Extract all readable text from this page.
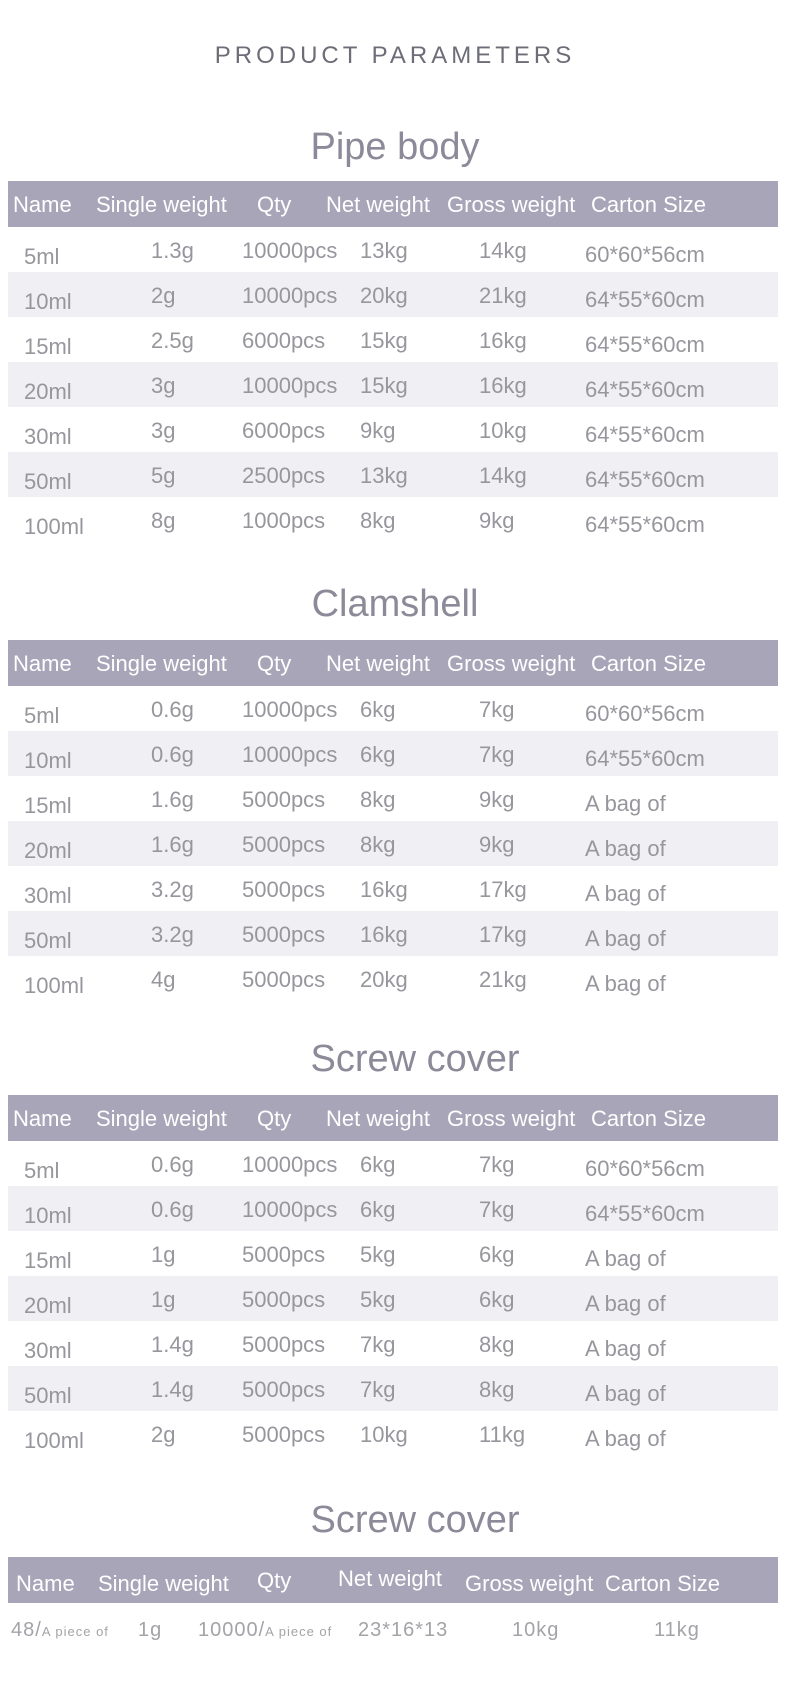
PRODUCT PARAMETERS
Pipe body
Name Single weight Qty Net weight Gross weight Carton Size
5ml	1.3g 10000pcs 13kg	14kg	60*60*56cm
10ml	2g	10000pcs 20kg	21kg	64*55*60cm
15ml	2.5g 6000pcs 15kg	16kg	64*55*60cm
20ml	3g	10000pcs 15kg	16kg	64*55*60cm
30ml	3g	6000pcs 9kg	10kg	64*55*60cm
50ml	5g	2500pcs 13kg	14kg	64*55*60cm
100ml	8g	1000pcs 8kg	9kg	64*55*60cm
Clamshell
Name Single weight Qty Net weight Gross weight Carton Size
5ml	0.6g 10000pcs 6kg	7kg	60*60*56cm
10ml	0.6g 10000pcs 6kg	7kg	64*55*60cm
15ml	1.6g 5000pcs 8kg	9kg	A bag of
20ml	1.6g 5000pcs 8kg	9kg	A bag of
30ml	3.2g 5000pcs 16kg	17kg	A bag of
50ml	3.2g 5000pcs 16kg	17kg	A bag of
100ml	4g	5000pcs 20kg	21kg	A bag of
Screw cover
Name Single weight Qty Net weight Gross weight Carton Size
5ml	0.6g 10000pcs 6kg	7kg	60*60*56cm
10ml	0.6g 10000pcs 6kg	7kg	64*55*60cm
15ml	1g	5000pcs 5kg	6kg	A bag of
20ml	1g	5000pcs 5kg	6kg	A bag of
30ml	1.4g 5000pcs 7kg	8kg	A bag of
50ml	1.4g 5000pcs 7kg	8kg	A bag of
100ml	2g	5000pcs 10kg	11kg	A bag of
Screw cover
Name Single weight Qty Net weight Gross weight Carton Size
48/A piece of 1g 10000/A piece of 23*16*13	10kg	11kg
